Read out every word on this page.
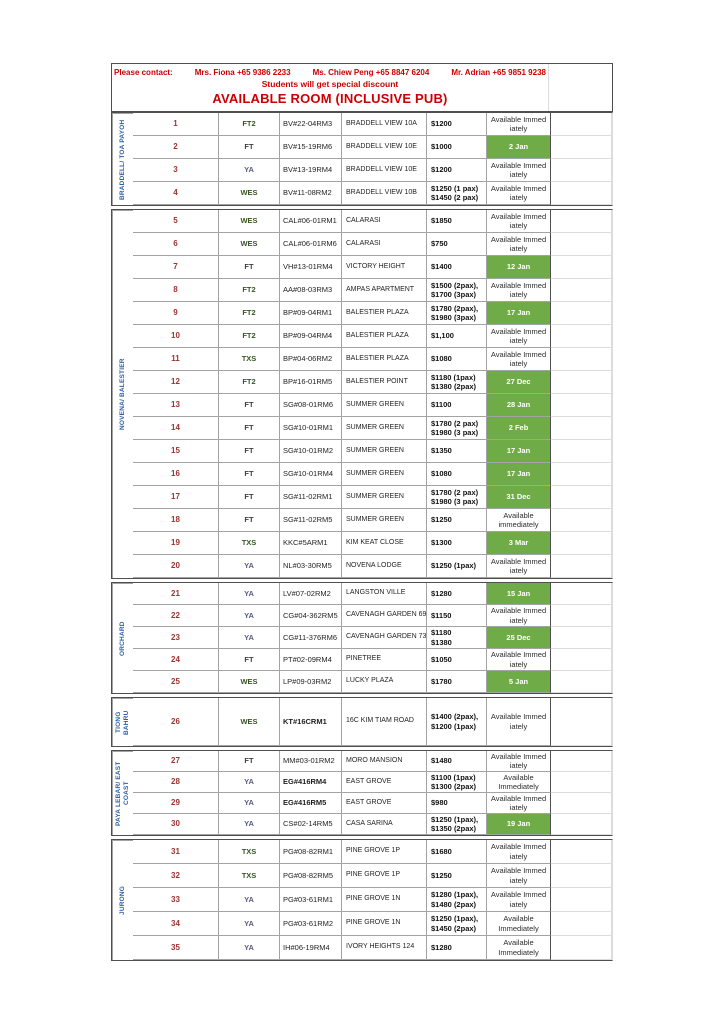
Please contact:	Mrs. Fiona +65 9386 2233	Ms. Chiew Peng +65 8847 6204	Mr. Adrian +65 9851 9238
Students will get special discount
AVAILABLE ROOM (INCLUSIVE PUB)
BRADDELL/ TOA PAYOH	1	FT2	BV#22-04RM3	BRADDELL VIEW 10A	$1200
Available Immed
iately
2	FT	BV#15-19RM6	BRADDELL VIEW 10E	$1000	2 Jan
3	YA	BV#13-19RM4	BRADDELL VIEW 10E	$1200
Available Immed
iately
4	WES	BV#11-08RM2	BRADDELL VIEW 10B	$1250 (1 pax)
$1450 (2 pax)
Available Immed
iately
NOVENA/ BALESTIER
5	WES	CAL#06-01RM1	CALARASI	$1850
Available Immed
iately
6	WES	CAL#06-01RM6	CALARASI	$750
Available Immed
iately
7	FT	VH#13-01RM4	VICTORY HEIGHT	$1400	12 Jan
8	FT2	AA#08-03RM3	AMPAS APARTMENT	$1500 (2pax),
$1700 (3pax)
Available Immed
iately
9	FT2	BP#09-04RM1	BALESTIER PLAZA	$1780 (2pax),
$1980 (3pax)
17 Jan
10	FT2	BP#09-04RM4	BALESTIER PLAZA	$1,100
Available Immed
iately
11	TXS	BP#04-06RM2	BALESTIER PLAZA	$1080
Available Immed
iately
12	FT2	BP#16-01RM5	BALESTIER POINT	$1180 (1pax)
$1380 (2pax)
27 Dec
13	FT	SG#08-01RM6	SUMMER GREEN	$1100	28 Jan
14	FT	SG#10-01RM1	SUMMER GREEN	$1780 (2 pax)
$1980 (3 pax)
2 Feb
15	FT	SG#10-01RM2	SUMMER GREEN	$1350	17 Jan
16	FT	SG#10-01RM4	SUMMER GREEN	$1080	17 Jan
17	FT	SG#11-02RM1	SUMMER GREEN	$1780 (2 pax)
$1980 (3 pax)
31 Dec
18	FT	SG#11-02RM5	SUMMER GREEN	$1250
Available
immediately
19	TXS	KKC#5ARM1	KIM KEAT CLOSE	$1300	3 Mar
20	YA	NL#03-30RM5	NOVENA LODGE	$1250 (1pax)
Available Immed
iately
ORCHARD
21	YA	LV#07-02RM2	LANGSTON VILLE	$1280	15 Jan
22	YA	CG#04-362RM5	CAVENAGH GARDEN 69 $1150
Available Immed
iately
23	YA	CG#11-376RM6	CAVENAGH GARDEN 73 $1180
$1380
25 Dec
24	FT	PT#02-09RM4	PINETREE	$1050
Available Immed
iately
25	WES	LP#09-03RM2	LUCKY PLAZA	$1780	5 Jan
TIONG BAHRU	26	WES	KT#16CRM1	16C KIM TIAM ROAD	$1400 (2pax),
$1200 (1pax)
Available Immed
iately
PAYA LEBAR/ EAST COAST
27	FT	MM#03-01RM2	MORO MANSION	$1480
Available Immed
iately
28	YA	EG#416RM4	EAST GROVE	$1100 (1pax)
$1300 (2pax)
Available
Immediately
29	YA	EG#416RM5	EAST GROVE	$980
Available Immed
iately
30	YA	CS#02-14RM5	CASA SARINA	$1250 (1pax),
$1350 (2pax)
19 Jan
JURONG
31	TXS	PG#08-82RM1	PINE GROVE 1P	$1680
Available Immed
iately
32	TXS	PG#08-82RM5	PINE GROVE 1P	$1250
Available Immed
iately
33	YA	PG#03-61RM1	PINE GROVE 1N	$1280 (1pax),
$1480 (2pax)
Available Immed
iately
34	YA	PG#03-61RM2	PINE GROVE 1N	$1250 (1pax),
$1450 (2pax)
Available
Immediately
35	YA	IH#06-19RM4	IVORY HEIGHTS 124	$1280
Available
Immediately
